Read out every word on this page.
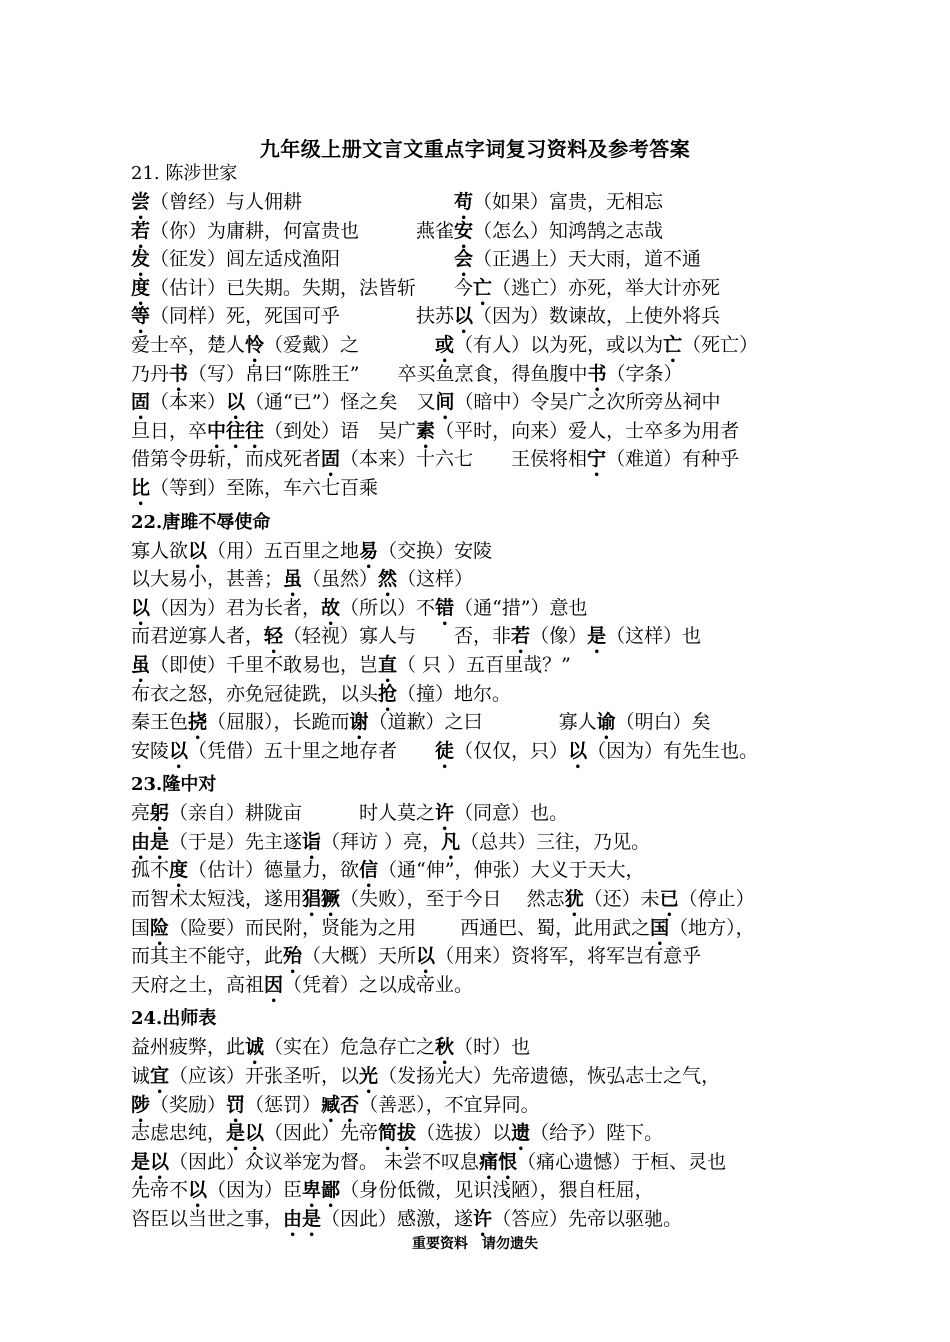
九年级上册文言文重点字词复习资料及参考答案
21. 陈涉世家
尝（曾经）与人佣耕　　　　　　　　苟（如果）富贵，无相忘
若（你）为庸耕，何富贵也　　　燕雀安（怎么）知鸿鹄之志哉
发（征发）闾左适戍渔阳　　　　　　会（正遇上）天大雨，道不通
度（估计）已失期。失期，法皆斩　　今亡（逃亡）亦死，举大计亦死
等（同样）死，死国可乎　　　　扶苏以（因为）数谏故，上使外将兵
爱士卒，楚人怜（爱戴）之　　　　或（有人）以为死，或以为亡（死亡）
乃丹书（写）帛曰“陈胜王”　　卒买鱼烹食，得鱼腹中书（字条）
固（本来）以（通“已”）怪之矣　又间（暗中）令吴广之次所旁丛祠中
旦日，卒中往往（到处）语　吴广素（平时，向来）爱人，士卒多为用者
借第令毋斩，而戍死者固（本来）十六七　　王侯将相宁（难道）有种乎
比（等到）至陈，车六七百乘
22.唐雎不辱使命
寡人欲以（用）五百里之地易（交换）安陵
以大易小，甚善；虽（虽然）然（这样）
以（因为）君为长者，故（所以）不错（通“措”）意也
而君逆寡人者，轻（轻视）寡人与　　否，非若（像）是（这样）也
虽（即使）千里不敢易也，岂直（ 只 ）五百里哉？”
布衣之怒，亦免冠徒跣，以头抢（撞）地尔。
秦王色挠（屈服），长跪而谢（道歉）之曰　　　　寡人谕（明白）矣
安陵以（凭借）五十里之地存者　　徒（仅仅，只）以（因为）有先生也。
23.隆中对
亮躬（亲自）耕陇亩　　　时人莫之许（同意）也。
由是（于是）先主遂诣（拜访 ）亮，凡（总共）三往，乃见。
孤不度（估计）德量力，欲信（通“伸”，伸张）大义于天大，
而智术太短浅，遂用猖獗（失败），至于今日　 然志犹（还）未已（停止）
国险（险要）而民附，贤能为之用　　 西通巴、蜀，此用武之国（地方），
而其主不能守，此殆（大概）天所以（用来）资将军，将军岂有意乎
天府之土，高祖因（凭着）之以成帝业。
24.出师表
益州疲弊，此诚（实在）危急存亡之秋（时）也
诚宜（应该）开张圣听，以光（发扬光大）先帝遗德，恢弘志士之气，
陟（奖励）罚（惩罚）臧否（善恶），不宜异同。
志虑忠纯，是以（因此）先帝简拔（选拔）以遗（给予）陛下。
是以（因此）众议举宠为督。 未尝不叹息痛恨（痛心遗憾）于桓、灵也
先帝不以（因为）臣卑鄙（身份低微，见识浅陋），猥自枉屈，
咨臣以当世之事，由是（因此）感激，遂许（答应）先帝以驱驰。
重要资料　请勿遗失
